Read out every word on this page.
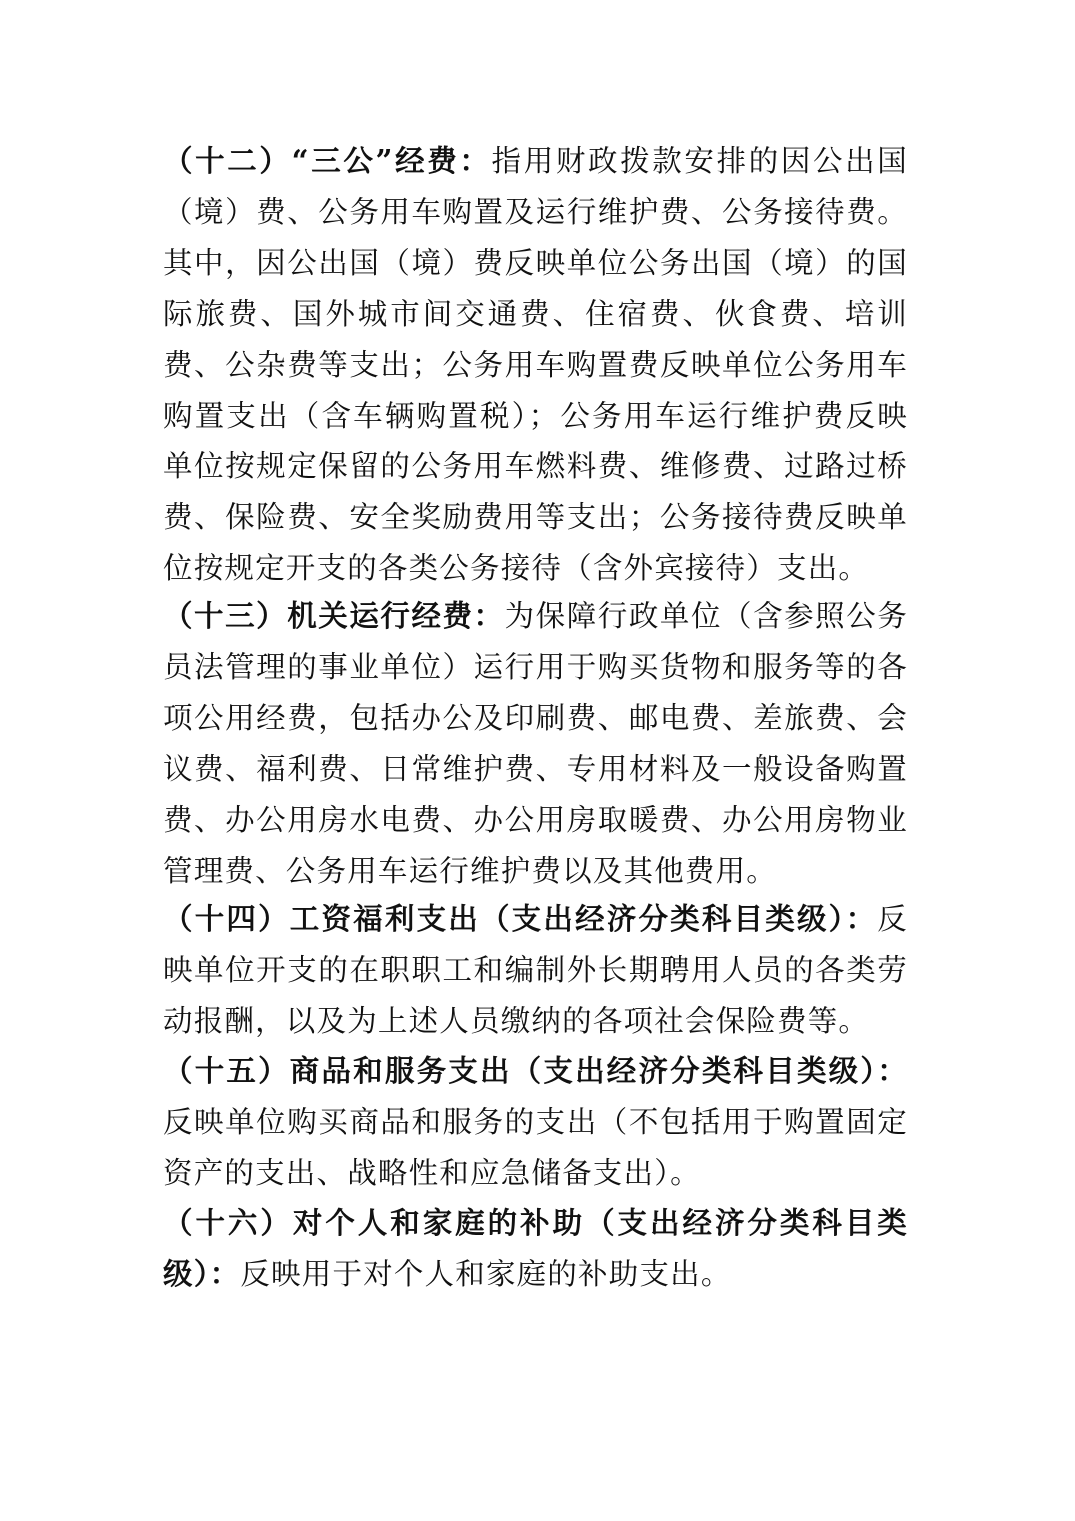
（十二）“三公”经费：指用财政拨款安排的因公出国（境）费、公务用车购置及运行维护费、公务接待费。其中，因公出国（境）费反映单位公务出国（境）的国际旅费、国外城市间交通费、住宿费、伙食费、培训费、公杂费等支出；公务用车购置费反映单位公务用车购置支出（含车辆购置税）；公务用车运行维护费反映单位按规定保留的公务用车燃料费、维修费、过路过桥费、保险费、安全奖励费用等支出；公务接待费反映单位按规定开支的各类公务接待（含外宾接待）支出。

（十三）机关运行经费：为保障行政单位（含参照公务员法管理的事业单位）运行用于购买货物和服务等的各项公用经费，包括办公及印刷费、邮电费、差旅费、会议费、福利费、日常维护费、专用材料及一般设备购置费、办公用房水电费、办公用房取暖费、办公用房物业管理费、公务用车运行维护费以及其他费用。

（十四）工资福利支出（支出经济分类科目类级）：反映单位开支的在职职工和编制外长期聘用人员的各类劳动报酬，以及为上述人员缴纳的各项社会保险费等。

（十五）商品和服务支出（支出经济分类科目类级）：反映单位购买商品和服务的支出（不包括用于购置固定资产的支出、战略性和应急储备支出）。

（十六）对个人和家庭的补助（支出经济分类科目类级）：反映用于对个人和家庭的补助支出。
